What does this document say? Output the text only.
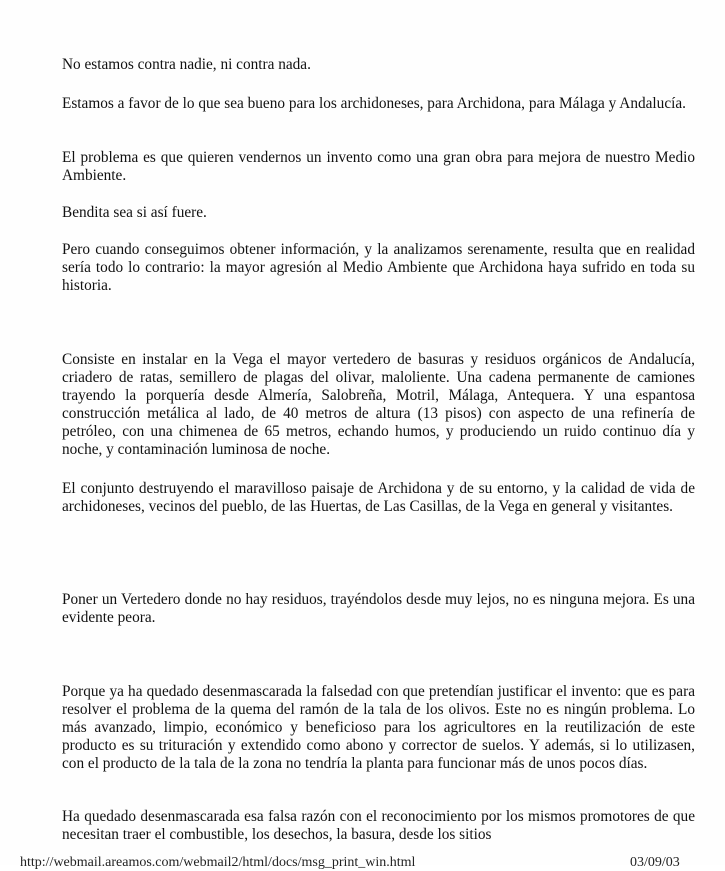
No estamos contra nadie, ni contra nada.

Estamos a favor de lo que sea bueno para los archidoneses, para Archidona, para Málaga y Andalucía.

El problema es que quieren vendernos un invento como una gran obra para mejora de nuestro Medio Ambiente.

Bendita sea si así fuere.

Pero cuando conseguimos obtener información, y la analizamos serenamente, resulta que en realidad sería todo lo contrario: la mayor agresión al Medio Ambiente que Archidona haya sufrido en toda su historia.

Consiste en instalar en la Vega el mayor vertedero de basuras y residuos orgánicos de Andalucía, criadero de ratas, semillero de plagas del olivar, maloliente. Una cadena permanente de camiones trayendo la porquería desde Almería, Salobreña, Motril, Málaga, Antequera. Y una espantosa construcción metálica al lado, de 40 metros de altura (13 pisos) con aspecto de una refinería de petróleo, con una chimenea de 65 metros, echando humos, y produciendo un ruido continuo día y noche, y contaminación luminosa de noche.

El conjunto destruyendo el maravilloso paisaje de Archidona y de su entorno, y la calidad de vida de archidoneses, vecinos del pueblo, de las Huertas, de Las Casillas, de la Vega en general y visitantes.

Poner un Vertedero donde no hay residuos, trayéndolos desde muy lejos, no es ninguna mejora. Es una evidente peora.

Porque ya ha quedado desenmascarada la falsedad con que pretendían justificar el invento: que es para resolver el problema de la quema del ramón de la tala de los olivos. Este no es ningún problema. Lo más avanzado, limpio, económico y beneficioso para los agricultores en la reutilización de este producto es su trituración y extendido como abono y corrector de suelos. Y además, si lo utilizasen, con el producto de la tala de la zona no tendría la planta para funcionar más de unos pocos días.

Ha quedado desenmascarada esa falsa razón con el reconocimiento por los mismos promotores de que necesitan traer el combustible, los desechos, la basura, desde los sitios

http://webmail.areamos.com/webmail2/html/docs/msg_print_win.html	03/09/03
